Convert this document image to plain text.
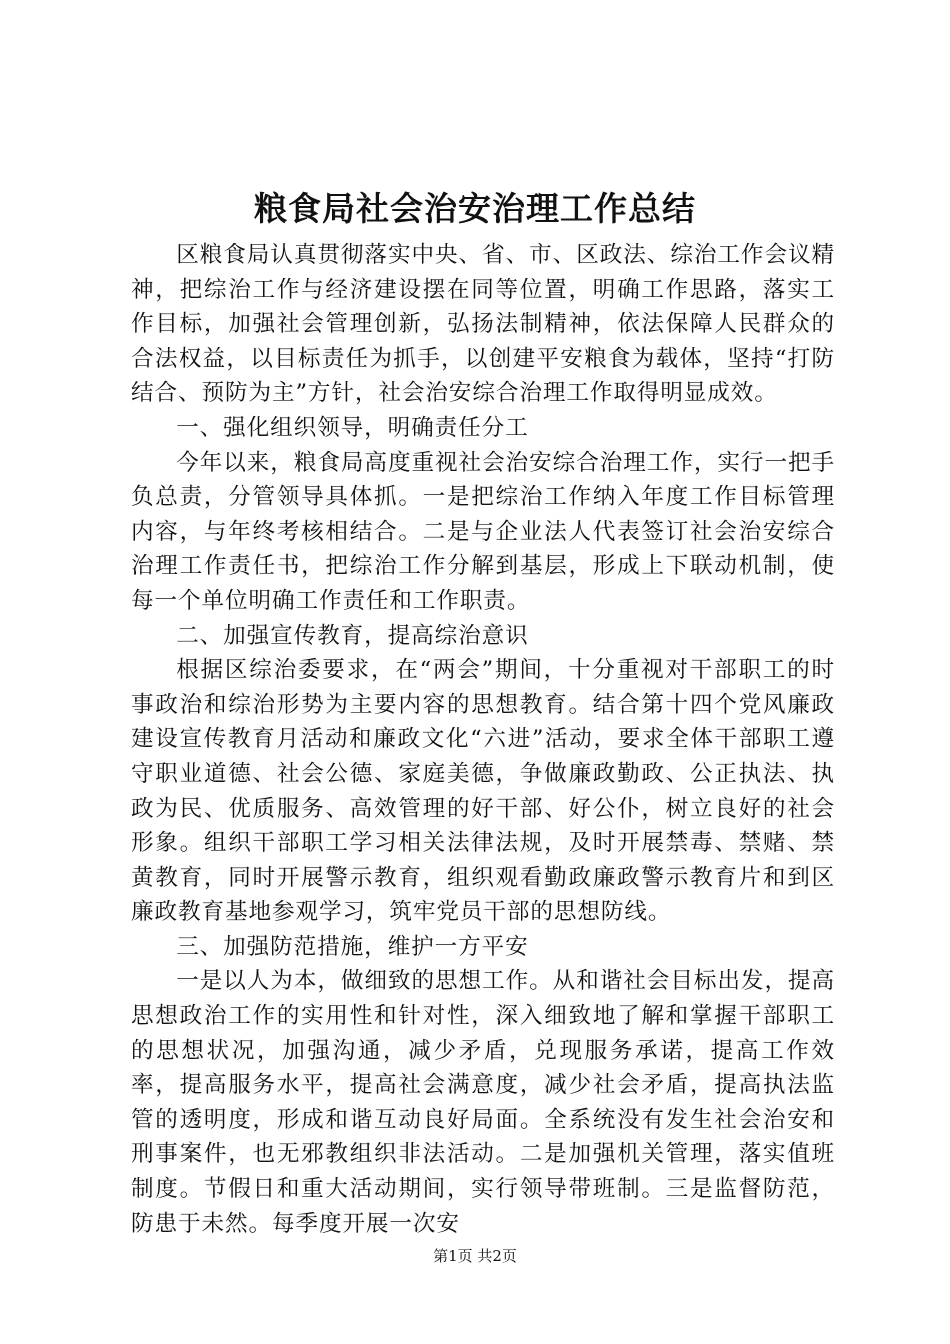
粮食局社会治安治理工作总结

区粮食局认真贯彻落实中央、省、市、区政法、综治工作会议精神，把综治工作与经济建设摆在同等位置，明确工作思路，落实工作目标，加强社会管理创新，弘扬法制精神，依法保障人民群众的合法权益，以目标责任为抓手，以创建平安粮食为载体，坚持“打防结合、预防为主”方针，社会治安综合治理工作取得明显成效。

一、强化组织领导，明确责任分工

今年以来，粮食局高度重视社会治安综合治理工作，实行一把手负总责，分管领导具体抓。一是把综治工作纳入年度工作目标管理内容，与年终考核相结合。二是与企业法人代表签订社会治安综合治理工作责任书，把综治工作分解到基层，形成上下联动机制，使每一个单位明确工作责任和工作职责。

二、加强宣传教育，提高综治意识

根据区综治委要求，在“两会”期间，十分重视对干部职工的时事政治和综治形势为主要内容的思想教育。结合第十四个党风廉政建设宣传教育月活动和廉政文化“六进”活动，要求全体干部职工遵守职业道德、社会公德、家庭美德，争做廉政勤政、公正执法、执政为民、优质服务、高效管理的好干部、好公仆，树立良好的社会形象。组织干部职工学习相关法律法规，及时开展禁毒、禁赌、禁黄教育，同时开展警示教育，组织观看勤政廉政警示教育片和到区廉政教育基地参观学习，筑牢党员干部的思想防线。

三、加强防范措施，维护一方平安

一是以人为本，做细致的思想工作。从和谐社会目标出发，提高思想政治工作的实用性和针对性，深入细致地了解和掌握干部职工的思想状况，加强沟通，减少矛盾，兑现服务承诺，提高工作效率，提高服务水平，提高社会满意度，减少社会矛盾，提高执法监管的透明度，形成和谐互动良好局面。全系统没有发生社会治安和刑事案件，也无邪教组织非法活动。二是加强机关管理，落实值班制度。节假日和重大活动期间，实行领导带班制。三是监督防范，防患于未然。每季度开展一次安

第1页 共2页
